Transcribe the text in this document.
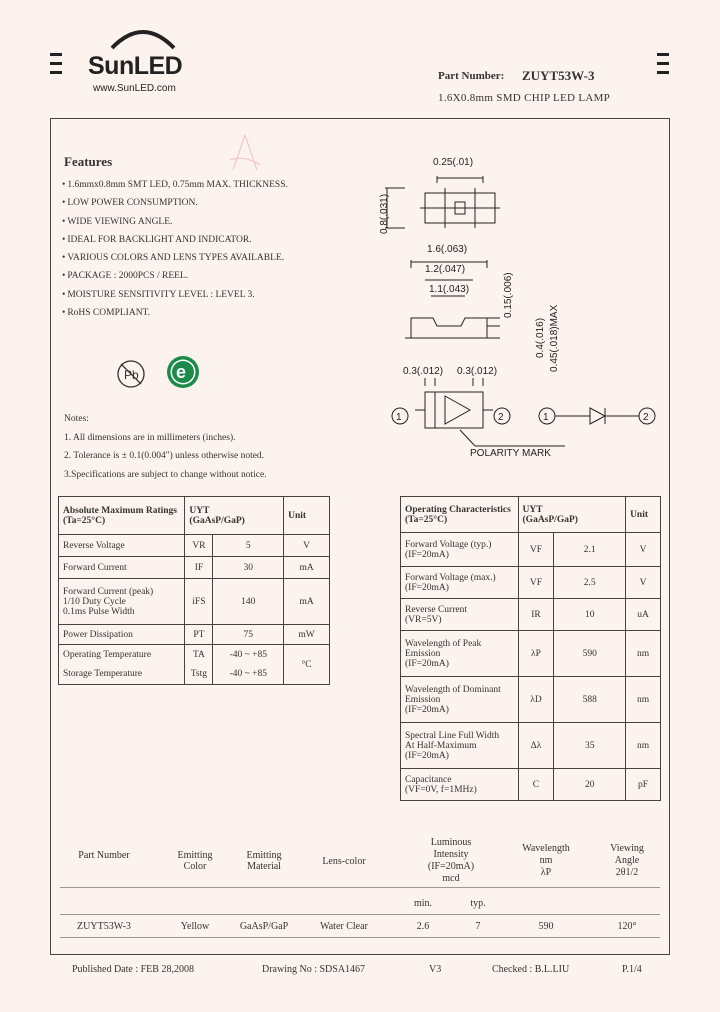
SunLED
www.SunLED.com
Part Number: ZUYT53W-3
1.6X0.8mm SMD CHIP LED LAMP
Features
• 1.6mmx0.8mm SMT LED, 0.75mm MAX. THICKNESS.
• LOW POWER CONSUMPTION.
• WIDE VIEWING ANGLE.
• IDEAL FOR BACKLIGHT AND INDICATOR.
• VARIOUS COLORS AND LENS TYPES AVAILABLE.
• PACKAGE : 2000PCS / REEL.
• MOISTURE SENSITIVITY LEVEL : LEVEL 3.
• RoHS COMPLIANT.
Pb e
Notes:
1. All dimensions are in millimeters (inches).
2. Tolerance is ± 0.1(0.004") unless otherwise noted.
3.Specifications are subject to change without notice.
0.25(.01)
0.8(.031)
1.6(.063)
1.2(.047)
1.1(.043)	0.15(.006)
0.4(.016) 0.45(.018)MAX
0.3(.012) 0.3(.012)
1	2	1	2
POLARITY MARK
Absolute Maximum Ratings
(Ta=25°C)	UYT
(GaAsP/GaP)		Unit
Reverse Voltage	VR	5	V
Forward Current	IF	30	mA
Forward Current (peak)
1/10 Duty Cycle
0.1ms Pulse Width	iFS	140	mA
Power Dissipation	PT	75	mW
Operating Temperature	TA	-40 ~ +85	°C
Storage Temperature	Tstg	-40 ~ +85	
Operating Characteristics
(Ta=25°C)	UYT
(GaAsP/GaP)		Unit
Forward Voltage (typ.)
(IF=20mA)	VF	2.1	V
Forward Voltage (max.)
(IF=20mA)	VF	2.5	V
Reverse Current
(VR=5V)	IR	10	uA
Wavelength of Peak
Emission
(IF=20mA)	λP	590	nm
Wavelength of Dominant
Emission
(IF=20mA)	λD	588	nm
Spectral Line Full Width
At Half-Maximum
(IF=20mA)	Δλ	35	nm
Capacitance
(VF=0V, f=1MHz)	C	20	pF
Part Number	Emitting Color
Emitting Material	Lens-color
Luminous
Intensity
(IF=20mA)
mcd
Wavelength
nm
λP
Viewing
Angle
2θ1/2
min.	typ.
ZUYT53W-3	Yellow	GaAsP/GaP	Water Clear	2.6	7	590	120°
Published Date : FEB 28,2008	Drawing No : SDSA1467	V3	Checked : B.L.LIU	P.1/4
